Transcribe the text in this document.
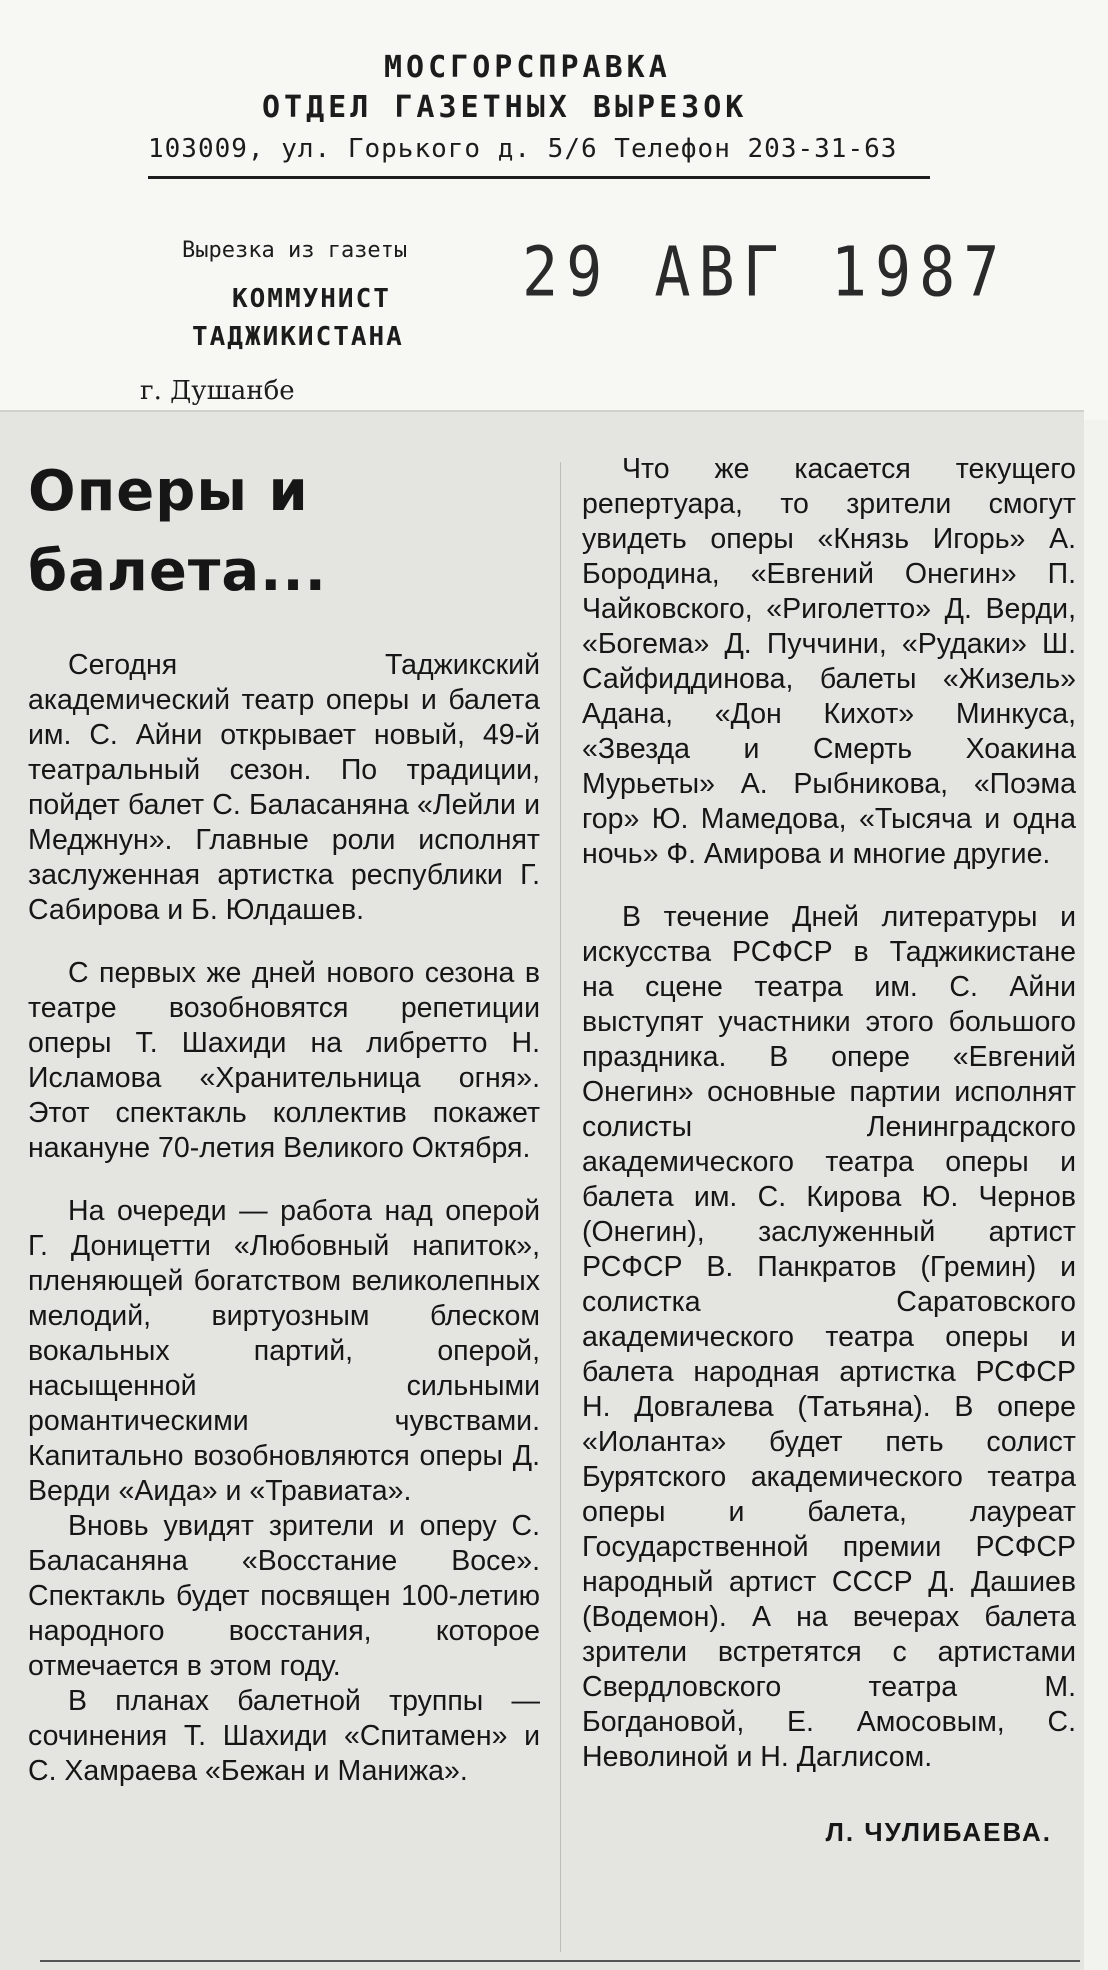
МОСГОРСПРАВКА
ОТДЕЛ ГАЗЕТНЫХ ВЫРЕЗОК
103009, ул. Горького д. 5/6 Телефон 203-31-63
Вырезка из газеты
КОММУНИСТ
ТАДЖИКИСТАНА
г. Душанбе
29 АВГ 1987
Оперы и балета...

Сегодня Таджикский академический театр оперы и балета им. С. Айни открывает новый, 49-й театральный сезон. По традиции, пойдет балет С. Баласаняна «Лейли и Меджнун». Главные роли исполнят заслуженная артистка республики Г. Сабирова и Б. Юлдашев.

С первых же дней нового сезона в театре возобновятся репетиции оперы Т. Шахиди на либретто Н. Исламова «Хранительница огня». Этот спектакль коллектив покажет накануне 70-летия Великого Октября.

На очереди — работа над оперой Г. Доницетти «Любовный напиток», пленяющей богатством великолепных мелодий, виртуозным блеском вокальных партий, оперой, насыщенной сильными романтическими чувствами. Капитально возобновляются оперы Д. Верди «Аида» и «Травиата».

Вновь увидят зрители и оперу С. Баласаняна «Восстание Восе». Спектакль будет посвящен 100-летию народного восстания, которое отмечается в этом году.

В планах балетной труппы — сочинения Т. Шахиди «Спитамен» и С. Хамраева «Бежан и Манижа».

Что же касается текущего репертуара, то зрители смогут увидеть оперы «Князь Игорь» А. Бородина, «Евгений Онегин» П. Чайковского, «Риголетто» Д. Верди, «Богема» Д. Пуччини, «Рудаки» Ш. Сайфиддинова, балеты «Жизель» Адана, «Дон Кихот» Минкуса, «Звезда и Смерть Хоакина Мурьеты» А. Рыбникова, «Поэма гор» Ю. Мамедова, «Тысяча и одна ночь» Ф. Амирова и многие другие.

В течение Дней литературы и искусства РСФСР в Таджикистане на сцене театра им. С. Айни выступят участники этого большого праздника. В опере «Евгений Онегин» основные партии исполнят солисты Ленинградского академического театра оперы и балета им. С. Кирова Ю. Чернов (Онегин), заслуженный артист РСФСР В. Панкратов (Гремин) и солистка Саратовского академического театра оперы и балета народная артистка РСФСР Н. Довгалева (Татьяна). В опере «Иоланта» будет петь солист Бурятского академического театра оперы и балета, лауреат Государственной премии РСФСР народный артист СССР Д. Дашиев (Водемон). А на вечерах балета зрители встретятся с артистами Свердловского театра М. Богдановой, Е. Амосовым, С. Неволиной и Н. Даглисом.

Л. ЧУЛИБАЕВА.
